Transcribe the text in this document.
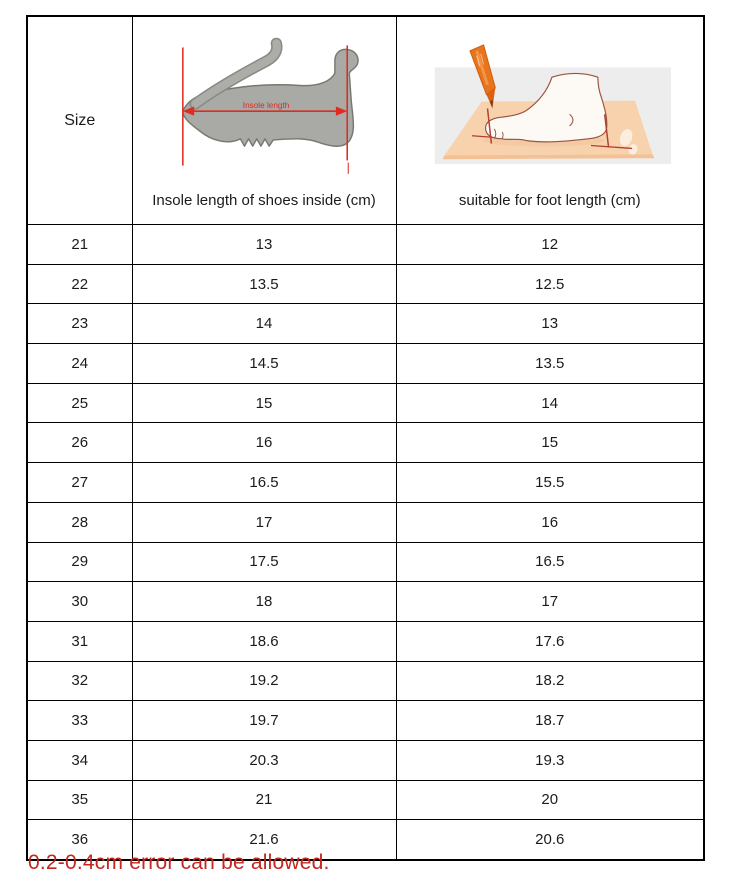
Size	Insole length
Insole length of shoes inside (cm)	suitable for foot length (cm)

21	13	12
22	13.5	12.5
23	14	13
24	14.5	13.5
25	15	14
26	16	15
27	16.5	15.5
28	17	16
29	17.5	16.5
30	18	17
31	18.6	17.6
32	19.2	18.2
33	19.7	18.7
34	20.3	19.3
35	21	20
36	21.6	20.6
0.2-0.4cm error can be allowed.
